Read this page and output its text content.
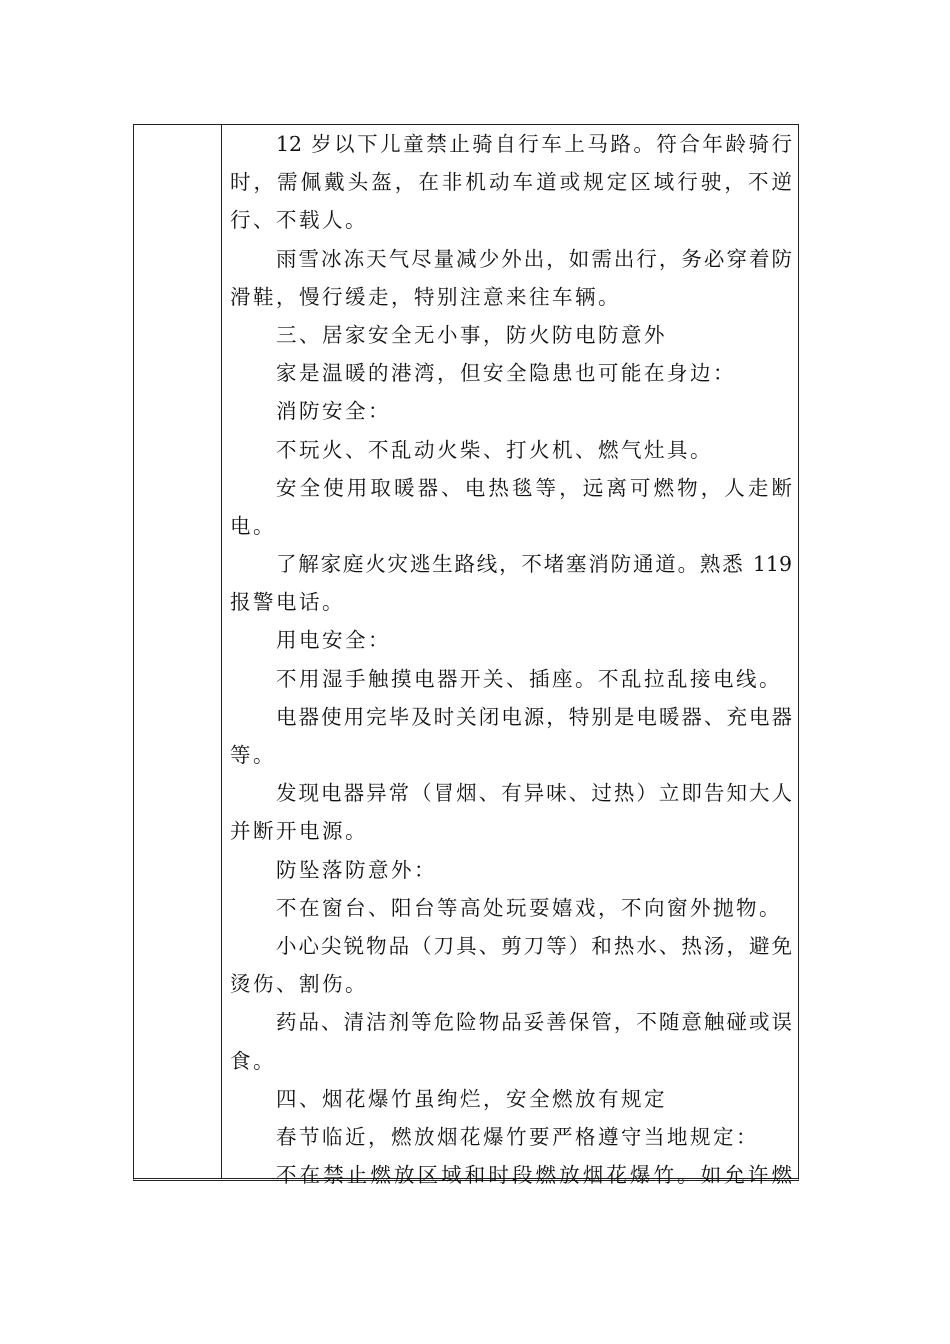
12 岁以下儿童禁止骑自行车上马路。符合年龄骑行
时，需佩戴头盔，在非机动车道或规定区域行驶，不逆
行、不载人。
雨雪冰冻天气尽量减少外出，如需出行，务必穿着防
滑鞋，慢行缓走，特别注意来往车辆。
三、居家安全无小事，防火防电防意外
家是温暖的港湾，但安全隐患也可能在身边：
消防安全：
不玩火、不乱动火柴、打火机、燃气灶具。
安全使用取暖器、电热毯等，远离可燃物，人走断
电。
了解家庭火灾逃生路线，不堵塞消防通道。熟悉 119
报警电话。
用电安全：
不用湿手触摸电器开关、插座。不乱拉乱接电线。
电器使用完毕及时关闭电源，特别是电暖器、充电器
等。
发现电器异常（冒烟、有异味、过热）立即告知大人
并断开电源。
防坠落防意外：
不在窗台、阳台等高处玩耍嬉戏，不向窗外抛物。
小心尖锐物品（刀具、剪刀等）和热水、热汤，避免
烫伤、割伤。
药品、清洁剂等危险物品妥善保管，不随意触碰或误
食。
四、烟花爆竹虽绚烂，安全燃放有规定
春节临近，燃放烟花爆竹要严格遵守当地规定：
不在禁止燃放区域和时段燃放烟花爆竹。如允许燃
